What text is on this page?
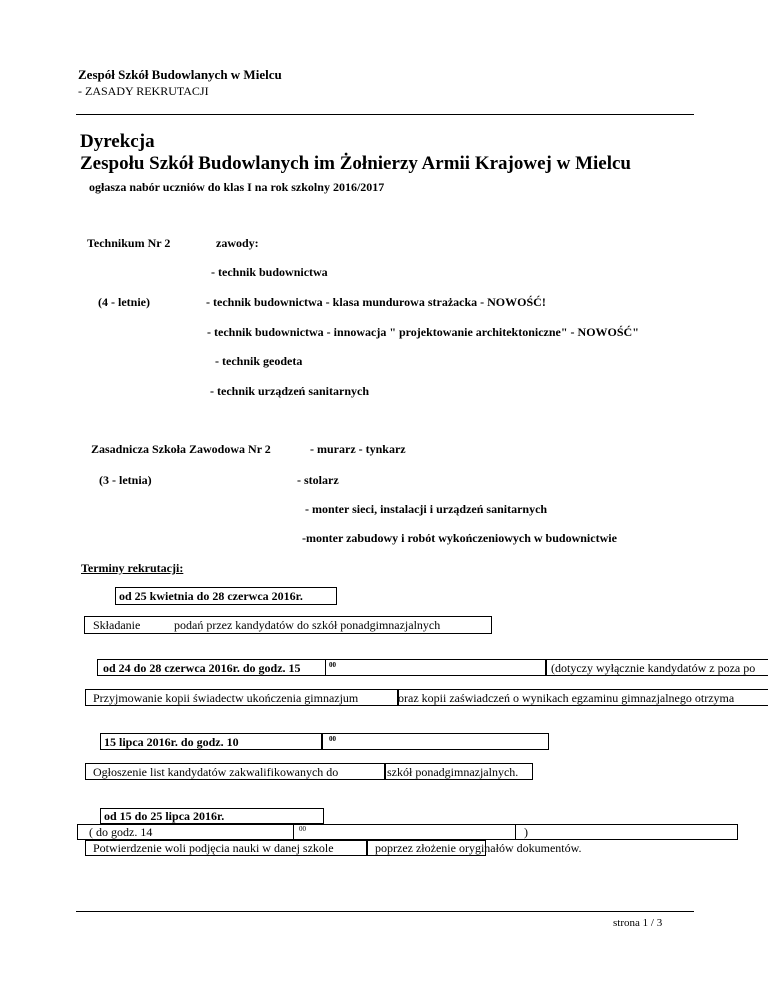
Zespół Szkół Budowlanych w Mielcu
- ZASADY REKRUTACJI
Dyrekcja
Zespołu Szkół Budowlanych im Żołnierzy Armii Krajowej w Mielcu
ogłasza nabór uczniów do klas I na rok szkolny 2016/2017
Technikum Nr 2	zawody:
- technik budownictwa
(4 - letnie)	- technik budownictwa - klasa mundurowa strażacka - NOWOŚĆ!
- technik budownictwa - innowacja " projektowanie architektoniczne" - NOWOŚĆ"
- technik geodeta
- technik urządzeń sanitarnych
Zasadnicza Szkoła Zawodowa Nr 2	- murarz - tynkarz
(3 - letnia)	- stolarz
- monter sieci, instalacji i urządzeń sanitarnych
-monter zabudowy i robót wykończeniowych w budownictwie
Terminy rekrutacji:
od 25 kwietnia do 28 czerwca 2016r.
Składanie	podań przez kandydatów do szkół ponadgimnazjalnych
od 24 do 28 czerwca 2016r. do godz. 15	00	(dotyczy wyłącznie kandydatów z poza po
Przyjmowanie kopii świadectw ukończenia gimnazjum	oraz kopii zaświadczeń o wynikach egzaminu gimnazjalnego otrzyma
15 lipca 2016r. do godz. 10	00
Ogłoszenie list kandydatów zakwalifikowanych do	szkół ponadgimnazjalnych.
od 15 do 25 lipca 2016r.
( do godz. 14	00	)
Potwierdzenie woli podjęcia nauki w danej szkole	poprzez złożenie oryginałów dokumentów.
strona 1 / 3
